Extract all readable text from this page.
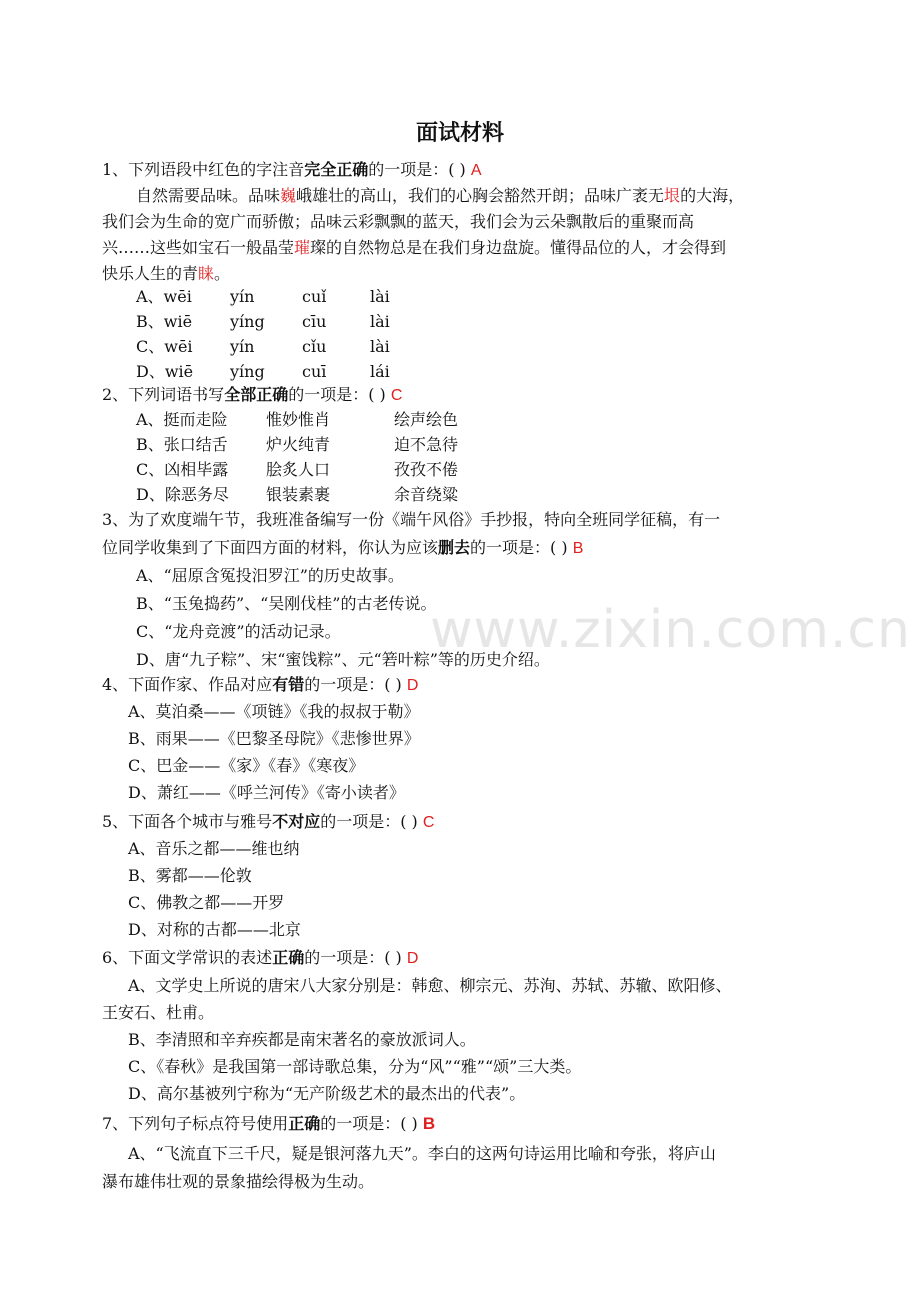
www.zixin.com.cn
面试材料
1、下列语段中红色的字注音完全正确的一项是：( ) A
自然需要品味。品味巍峨雄壮的高山，我们的心胸会豁然开朗；品味广袤无垠的大海，
我们会为生命的宽广而骄傲；品味云彩飘飘的蓝天，我们会为云朵飘散后的重聚而高
兴……这些如宝石一般晶莹璀璨的自然物总是在我们身边盘旋。懂得品位的人，才会得到
快乐人生的青睐。
A、wēi yín	cuǐ	lài
B、wiē yíng cīu	lài
C、wēi yín	cǐu	lài
D、wiē yíng cuī	lái
2、下列词语书写全部正确的一项是：( ) C
A、挺而走险 惟妙惟肖	绘声绘色
B、张口结舌 炉火纯青	迫不急待
C、凶相毕露 脍炙人口	孜孜不倦
D、除恶务尽 银装素裹	余音绕粱
3、为了欢度端午节，我班准备编写一份《端午风俗》手抄报，特向全班同学征稿，有一
位同学收集到了下面四方面的材料，你认为应该删去的一项是：( ) B
A、“屈原含冤投汨罗江”的历史故事。
B、“玉兔捣药”、“吴刚伐桂”的古老传说。
C、“龙舟竞渡”的活动记录。
D、唐“九子粽”、宋“蜜饯粽”、元“箬叶粽”等的历史介绍。
4、下面作家、作品对应有错的一项是：( ) D
A、莫泊桑——《项链》《我的叔叔于勒》
B、雨果——《巴黎圣母院》《悲惨世界》
C、巴金——《家》《春》《寒夜》
D、萧红——《呼兰河传》《寄小读者》
5、下面各个城市与雅号不对应的一项是：( ) C
A、音乐之都——维也纳
B、雾都——伦敦
C、佛教之都——开罗
D、对称的古都——北京
6、下面文学常识的表述正确的一项是：( ) D
A、文学史上所说的唐宋八大家分别是：韩愈、柳宗元、苏洵、苏轼、苏辙、欧阳修、
王安石、杜甫。
B、李清照和辛弃疾都是南宋著名的豪放派词人。
C、《春秋》是我国第一部诗歌总集，分为“风”“雅”“颂”三大类。
D、高尔基被列宁称为“无产阶级艺术的最杰出的代表”。
7、下列句子标点符号使用正确的一项是：( ) B
A、“飞流直下三千尺，疑是银河落九天”。李白的这两句诗运用比喻和夸张，将庐山
瀑布雄伟壮观的景象描绘得极为生动。
